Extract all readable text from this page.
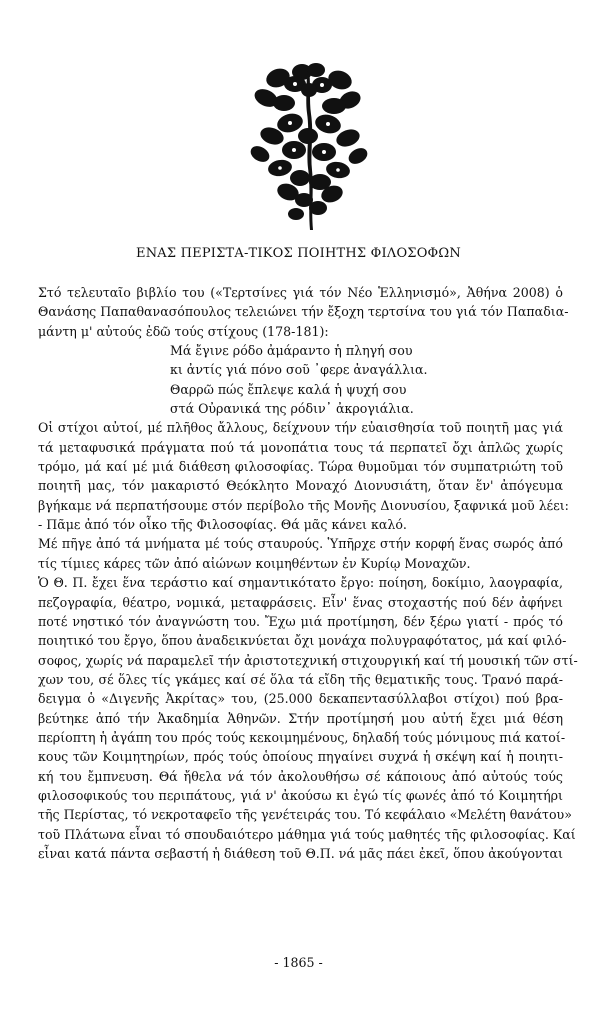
ΕΝΑΣ ΠΕΡΙΣΤΑ-ΤΙΚΟΣ ΠΟΙΗΤΗΣ ΦΙΛΟΣΟΦΩΝ
Στό τελευταῖο βιβλίο του («Τερτσίνες γιά τόν Νέο Ἑλληνισμό», Ἀθήνα 2008) ὁ
Θανάσης Παπαθανασόπουλος τελειώνει τήν ἔξοχη τερτσίνα του γιά τόν Παπαδια-
μάντη μ' αὐτούς ἐδῶ τούς στίχους (178-181):
Μά ἔγινε ρόδο ἀμάραντο ἡ πληγή σου
κι ἀντίς γιά πόνο σοῦ ᾽φερε ἀναγάλλια.
Θαρρῶ πώς ἔπλεψε καλά ἡ ψυχή σου
στά Οὐρανικά της ρόδιν᾽ ἀκρογιάλια.
Οἱ στίχοι αὐτοί, μέ πλῆθος ἄλλους, δείχνουν τήν εὐαισθησία τοῦ ποιητῆ μας γιά
τά μεταφυσικά πράγματα πού τά μονοπάτια τους τά περπατεῖ ὄχι ἁπλῶς χωρίς
τρόμο, μά καί μέ μιά διάθεση φιλοσοφίας. Τώρα θυμοῦμαι τόν συμπατριώτη τοῦ
ποιητῆ μας, τόν μακαριστό Θεόκλητο Μοναχό Διονυσιάτη, ὅταν ἕν' ἀπόγευμα
βγήκαμε νά περπατήσουμε στόν περίβολο τῆς Μονῆς Διονυσίου, ξαφνικά μοῦ λέει:
- Πᾶμε ἀπό τόν οἶκο τῆς Φιλοσοφίας. Θά μᾶς κάνει καλό.
Μέ πῆγε ἀπό τά μνήματα μέ τούς σταυρούς. Ὑπῆρχε στήν κορφή ἕνας σωρός ἀπό
τίς τίμιες κάρες τῶν ἀπό αἰώνων κοιμηθέντων ἐν Κυρίῳ Μοναχῶν.
Ὁ Θ. Π. ἔχει ἕνα τεράστιο καί σημαντικότατο ἔργο: ποίηση, δοκίμιο, λαογραφία,
πεζογραφία, θέατρο, νομικά, μεταφράσεις. Εἶν' ἕνας στοχαστής πού δέν ἀφήνει
ποτέ νηστικό τόν ἀναγνώστη του. Ἔχω μιά προτίμηση, δέν ξέρω γιατί - πρός τό
ποιητικό του ἔργο, ὅπου ἀναδεικνύεται ὄχι μονάχα πολυγραφότατος, μά καί φιλό-
σοφος, χωρίς νά παραμελεῖ τήν ἀριστοτεχνική στιχουργική καί τή μουσική τῶν στί-
χων του, σέ ὅλες τίς γκάμες καί σέ ὅλα τά εἴδη τῆς θεματικῆς τους. Τρανό παρά-
δειγμα ὁ «Διγενῆς Ἀκρίτας» του, (25.000 δεκαπεντασύλλαβοι στίχοι) πού βρα-
βεύτηκε ἀπό τήν Ἀκαδημία Ἀθηνῶν. Στήν προτίμησή μου αὐτή ἔχει μιά θέση
περίοπτη ἡ ἀγάπη του πρός τούς κεκοιμημένους, δηλαδή τούς μόνιμους πιά κατοί-
κους τῶν Κοιμητηρίων, πρός τούς ὁποίους πηγαίνει συχνά ἡ σκέψη καί ἡ ποιητι-
κή του ἔμπνευση. Θά ἤθελα νά τόν ἀκολουθήσω σέ κάποιους ἀπό αὐτούς τούς
φιλοσοφικούς του περιπάτους, γιά ν' ἀκούσω κι ἐγώ τίς φωνές ἀπό τό Κοιμητήρι
τῆς Περίστας, τό νεκροταφεῖο τῆς γενέτειράς του. Τό κεφάλαιο «Μελέτη θανάτου»
τοῦ Πλάτωνα εἶναι τό σπουδαιότερο μάθημα γιά τούς μαθητές τῆς φιλοσοφίας. Καί
εἶναι κατά πάντα σεβαστή ἡ διάθεση τοῦ Θ.Π. νά μᾶς πάει ἐκεῖ, ὅπου ἀκούγονται
- 1865 -
